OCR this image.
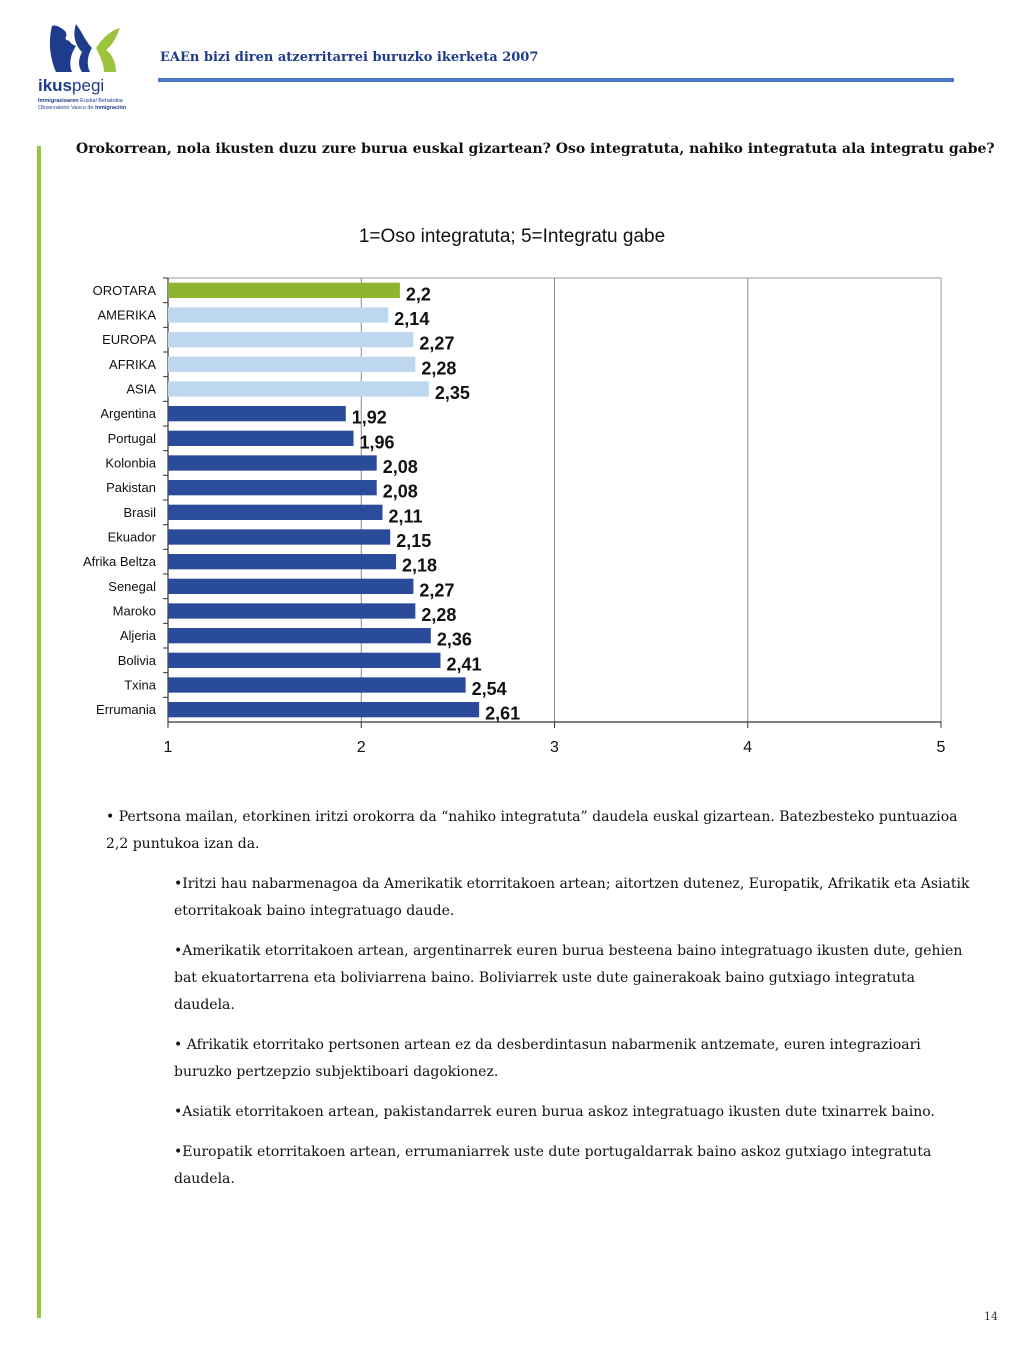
ikuspegi
Immigrazioaren Euskal Behatokia
Observatorio Vasco de Inmigración
EAEn bizi diren atzerritarrei buruzko ikerketa 2007
Orokorrean, nola ikusten duzu zure burua euskal gizartean? Oso integratuta, nahiko integratuta ala integratu gabe?
1=Oso integratuta; 5=Integratu gabe
1	2	3	4	5
OROTARA	2,2
AMERIKA	2,14
EUROPA	2,27
AFRIKA	2,28
ASIA	2,35
Argentina	1,92
Portugal	1,96
Kolonbia	2,08
Pakistan	2,08
Brasil	2,11
Ekuador	2,15
Afrika Beltza	2,18
Senegal	2,27
Maroko	2,28
Aljeria	2,36
Bolivia	2,41
Txina	2,54
Errumania	2,61

• Pertsona mailan, etorkinen iritzi orokorra da “nahiko integratuta” daudela euskal gizartean. Batezbesteko puntuazioa 2,2 puntukoa izan da.

•Iritzi hau nabarmenagoa da Amerikatik etorritakoen artean; aitortzen dutenez, Europatik, Afrikatik eta Asiatik etorritakoak baino integratuago daude.

•Amerikatik etorritakoen artean, argentinarrek euren burua besteena baino integratuago ikusten dute, gehien bat ekuatortarrena eta boliviarrena baino. Boliviarrek uste dute gainerakoak baino gutxiago integratuta daudela.

• Afrikatik etorritako pertsonen artean ez da desberdintasun nabarmenik antzemate, euren integrazioari buruzko pertzepzio subjektiboari dagokionez.

•Asiatik etorritakoen artean, pakistandarrek euren burua askoz integratuago ikusten dute txinarrek baino.

•Europatik etorritakoen artean, errumaniarrek uste dute portugaldarrak baino askoz gutxiago integratuta daudela.

14
